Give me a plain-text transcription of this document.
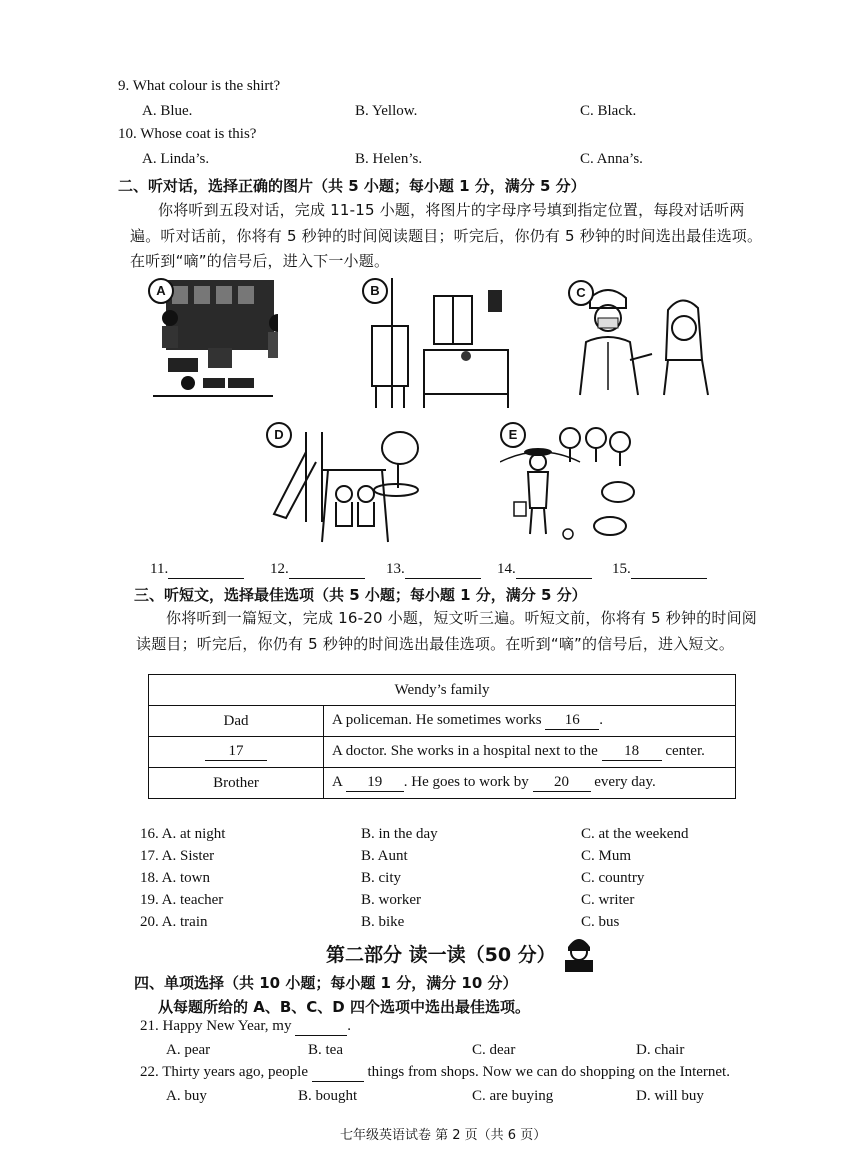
9. What colour is the shirt?
A. Blue.	B. Yellow.	C. Black.
10. Whose coat is this?
A. Linda’s.	B. Helen’s.	C. Anna’s.
二、听对话，选择正确的图片（共 5 小题；每小题 1 分，满分 5 分）
你将听到五段对话，完成 11-15 小题，将图片的字母序号填到指定位置，每段对话听两
遍。听对话前，你将有 5 秒钟的时间阅读题目；听完后，你仍有 5 秒钟的时间选出最佳选项。
在听到“嘀”的信号后，进入下一小题。
A	B	C
D	E
11.	12.	13.	14.	15.
三、听短文，选择最佳选项（共 5 小题；每小题 1 分，满分 5 分）
你将听到一篇短文，完成 16-20 小题，短文听三遍。听短文前，你将有 5 秒钟的时间阅
读题目；听完后，你仍有 5 秒钟的时间选出最佳选项。在听到“嘀”的信号后，进入短文。
Wendy’s family	
Dad	A policeman. He sometimes works 16 .
17	A doctor. She works in a hospital next to the 18 center.
Brother	A 19 . He goes to work by 20 every day.
16. A. at night	B. in the day	C. at the weekend
17. A. Sister	B. Aunt	C. Mum
18. A. town	B. city	C. country
19. A. teacher	B. worker	C. writer
20. A. train	B. bike	C. bus
第二部分 读一读（50 分）
四、单项选择（共 10 小题；每小题 1 分，满分 10 分）
从每题所给的 A、B、C、D 四个选项中选出最佳选项。
21. Happy New Year, my	.
A. pear	B. tea	C. dear	D. chair
22. Thirty years ago, people	things from shops. Now we can do shopping on the Internet.
A. buy	B. bought	C. are buying	D. will buy
七年级英语试卷 第 2 页（共 6 页）
